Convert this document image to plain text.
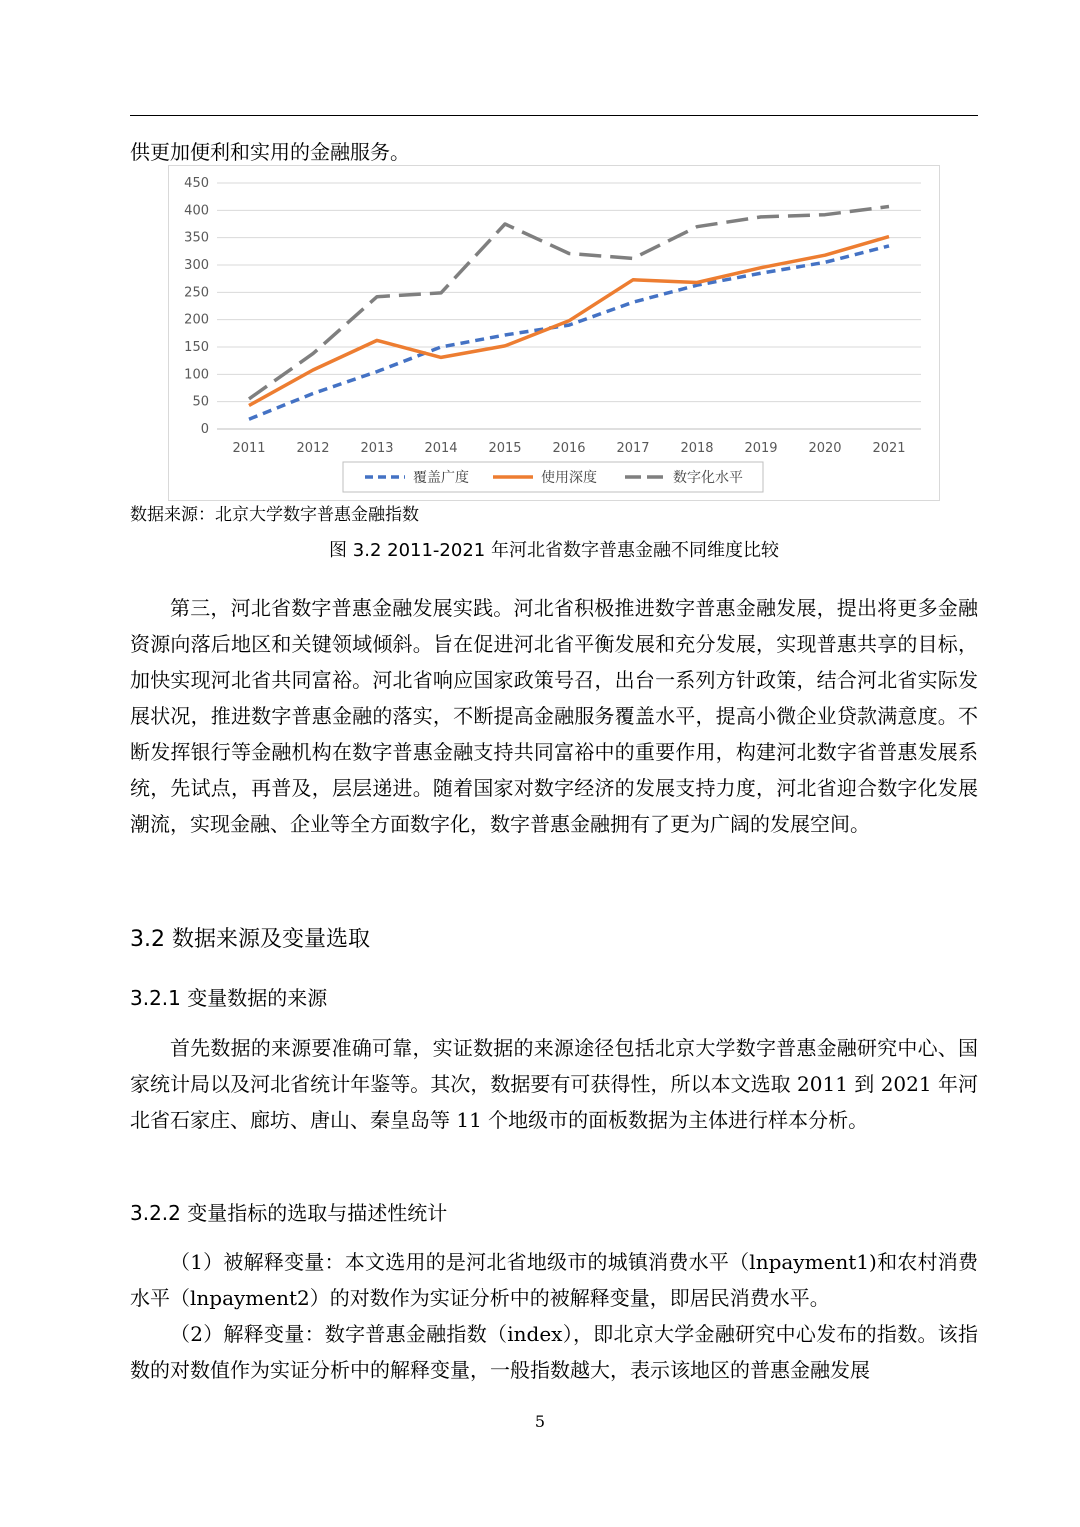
供更加便利和实用的金融服务。

0
50
100
150
200
250
300
350
400
450
2011 2012 2013 2014 2015 2016 2017 2018 2019 2020 2021
覆盖广度	使用深度	数字化水平
数据来源：北京大学数字普惠金融指数
图 3.2 2011-2021 年河北省数字普惠金融不同维度比较

第三，河北省数字普惠金融发展实践。河北省积极推进数字普惠金融发展，提出将更多金融资源向落后地区和关键领域倾斜。旨在促进河北省平衡发展和充分发展，实现普惠共享的目标，加快实现河北省共同富裕。河北省响应国家政策号召，出台一系列方针政策，结合河北省实际发展状况，推进数字普惠金融的落实，不断提高金融服务覆盖水平，提高小微企业贷款满意度。不断发挥银行等金融机构在数字普惠金融支持共同富裕中的重要作用，构建河北数字省普惠发展系统，先试点，再普及，层层递进。随着国家对数字经济的发展支持力度，河北省迎合数字化发展潮流，实现金融、企业等全方面数字化，数字普惠金融拥有了更为广阔的发展空间。

3.2 数据来源及变量选取
3.2.1 变量数据的来源

首先数据的来源要准确可靠，实证数据的来源途径包括北京大学数字普惠金融研究中心、国家统计局以及河北省统计年鉴等。其次，数据要有可获得性，所以本文选取 2011 到 2021 年河北省石家庄、廊坊、唐山、秦皇岛等 11 个地级市的面板数据为主体进行样本分析。

3.2.2 变量指标的选取与描述性统计

（1）被解释变量：本文选用的是河北省地级市的城镇消费水平（lnpayment1)和农村消费水平（lnpayment2）的对数作为实证分析中的被解释变量，即居民消费水平。

（2）解释变量：数字普惠金融指数（index），即北京大学金融研究中心发布的指数。该指数的对数值作为实证分析中的解释变量，一般指数越大，表示该地区的普惠金融发展

5
